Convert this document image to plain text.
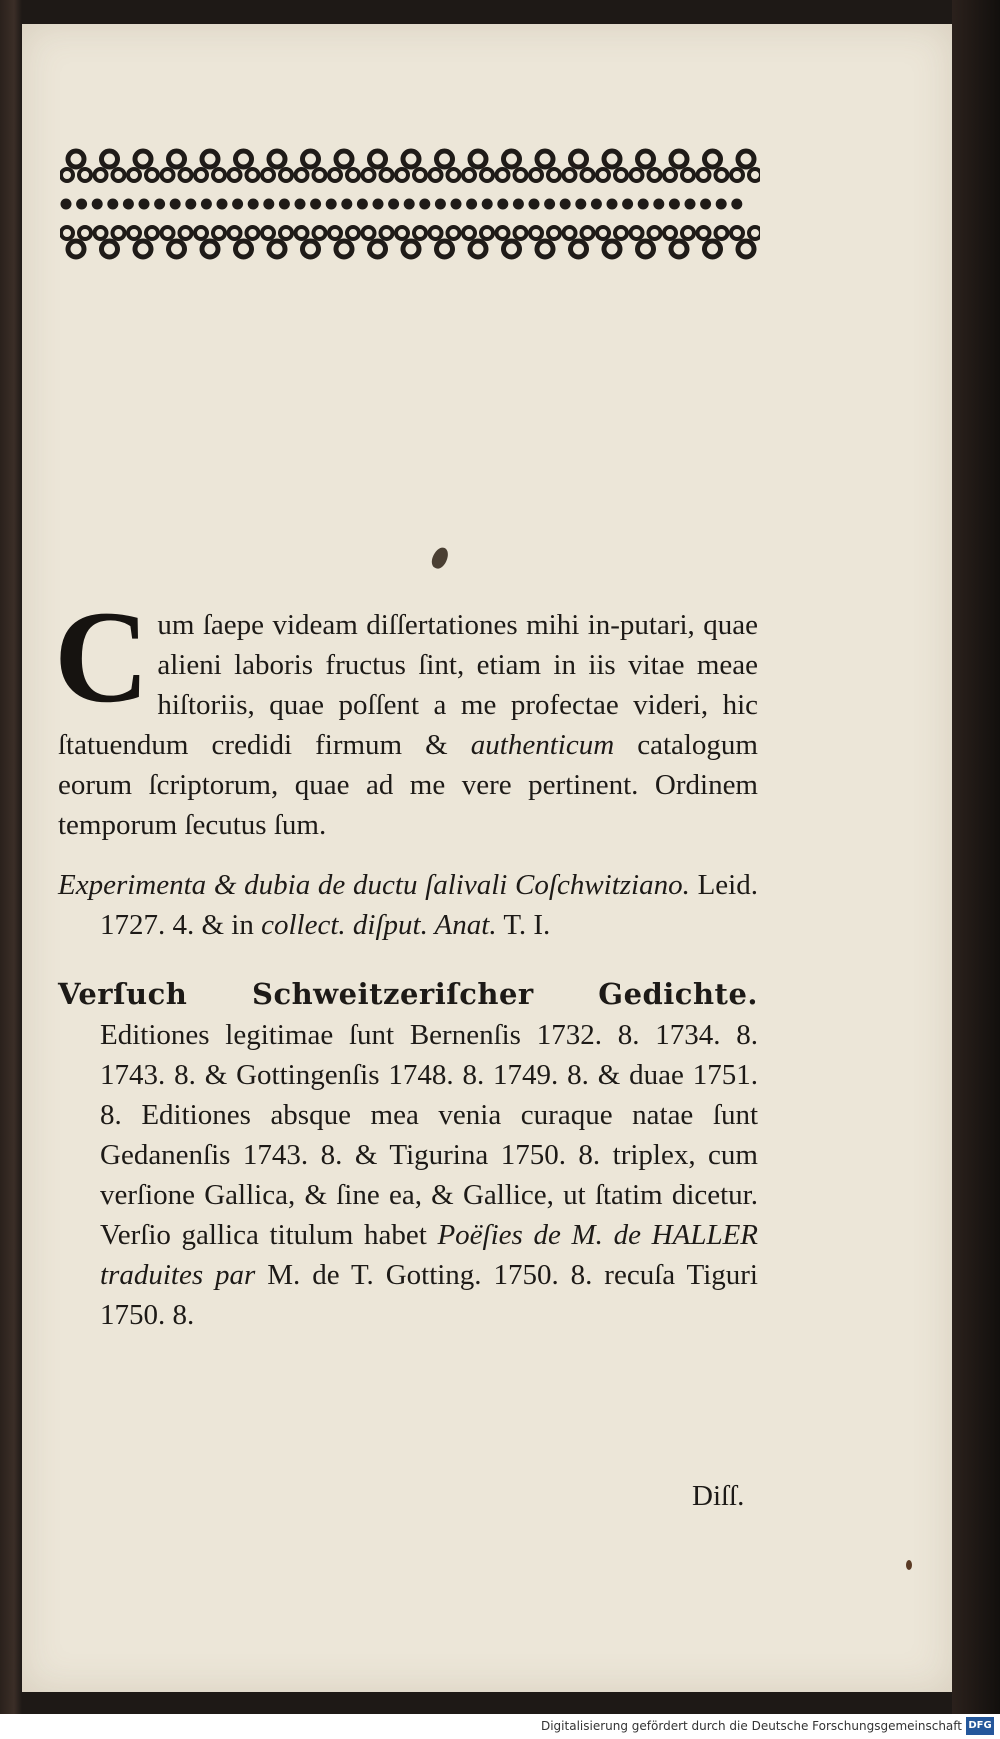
Cum ſaepe videam diſſertationes mihi in-putari, quae alieni laboris fructus ſint, etiam in iis vitae meae hiſtoriis, quae poſſent a me profectae videri, hic ſtatuendum credidi firmum & authenticum catalogum eorum ſcriptorum, quae ad me vere pertinent. Ordinem temporum ſecutus ſum.

Experimenta & dubia de ductu ſalivali Coſchwitziano. Leid. 1727. 4. & in collect. diſput. Anat. T. I.

Verſuch Schweitzeriſcher Gedichte. Editiones legitimae ſunt Bernenſis 1732. 8. 1734. 8. 1743. 8. & Gottingenſis 1748. 8. 1749. 8. & duae 1751. 8. Editiones absque mea venia curaque natae ſunt Gedanenſis 1743. 8. & Tigurina 1750. 8. triplex, cum verſione Gallica, & ſine ea, & Gallice, ut ſtatim dicetur. Verſio gallica titulum habet Poëſies de M. de HALLER traduites par M. de T. Gotting. 1750. 8. recuſa Tiguri 1750. 8.

Diſſ.
Digitalisierung gefördert durch die Deutsche Forschungsgemeinschaft DFG
